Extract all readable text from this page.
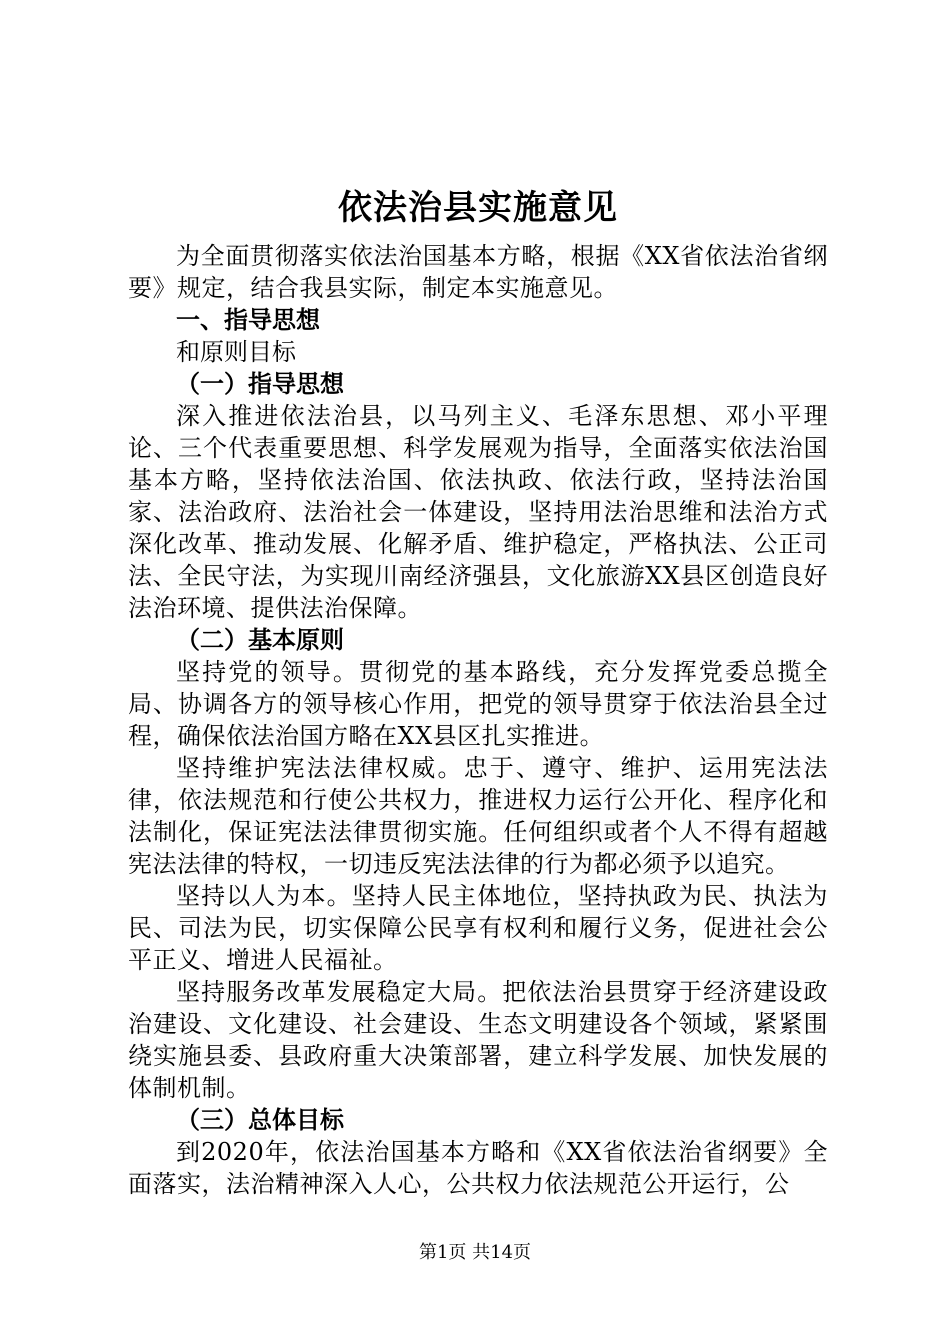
依法治县实施意见

为全面贯彻落实依法治国基本方略，根据《XX省依法治省纲要》规定，结合我县实际，制定本实施意见。

一、指导思想

和原则目标

（一）指导思想

深入推进依法治县，以马列主义、毛泽东思想、邓小平理论、三个代表重要思想、科学发展观为指导，全面落实依法治国基本方略，坚持依法治国、依法执政、依法行政，坚持法治国家、法治政府、法治社会一体建设，坚持用法治思维和法治方式深化改革、推动发展、化解矛盾、维护稳定，严格执法、公正司法、全民守法，为实现川南经济强县，文化旅游XX县区创造良好法治环境、提供法治保障。

（二）基本原则

坚持党的领导。贯彻党的基本路线，充分发挥党委总揽全局、协调各方的领导核心作用，把党的领导贯穿于依法治县全过程，确保依法治国方略在XX县区扎实推进。

坚持维护宪法法律权威。忠于、遵守、维护、运用宪法法律，依法规范和行使公共权力，推进权力运行公开化、程序化和法制化，保证宪法法律贯彻实施。任何组织或者个人不得有超越宪法法律的特权，一切违反宪法法律的行为都必须予以追究。

坚持以人为本。坚持人民主体地位，坚持执政为民、执法为民、司法为民，切实保障公民享有权利和履行义务，促进社会公平正义、增进人民福祉。

坚持服务改革发展稳定大局。把依法治县贯穿于经济建设政治建设、文化建设、社会建设、生态文明建设各个领域，紧紧围绕实施县委、县政府重大决策部署，建立科学发展、加快发展的体制机制。

（三）总体目标

到2020年，依法治国基本方略和《XX省依法治省纲要》全面落实，法治精神深入人心，公共权力依法规范公开运行，公

第1页 共14页
